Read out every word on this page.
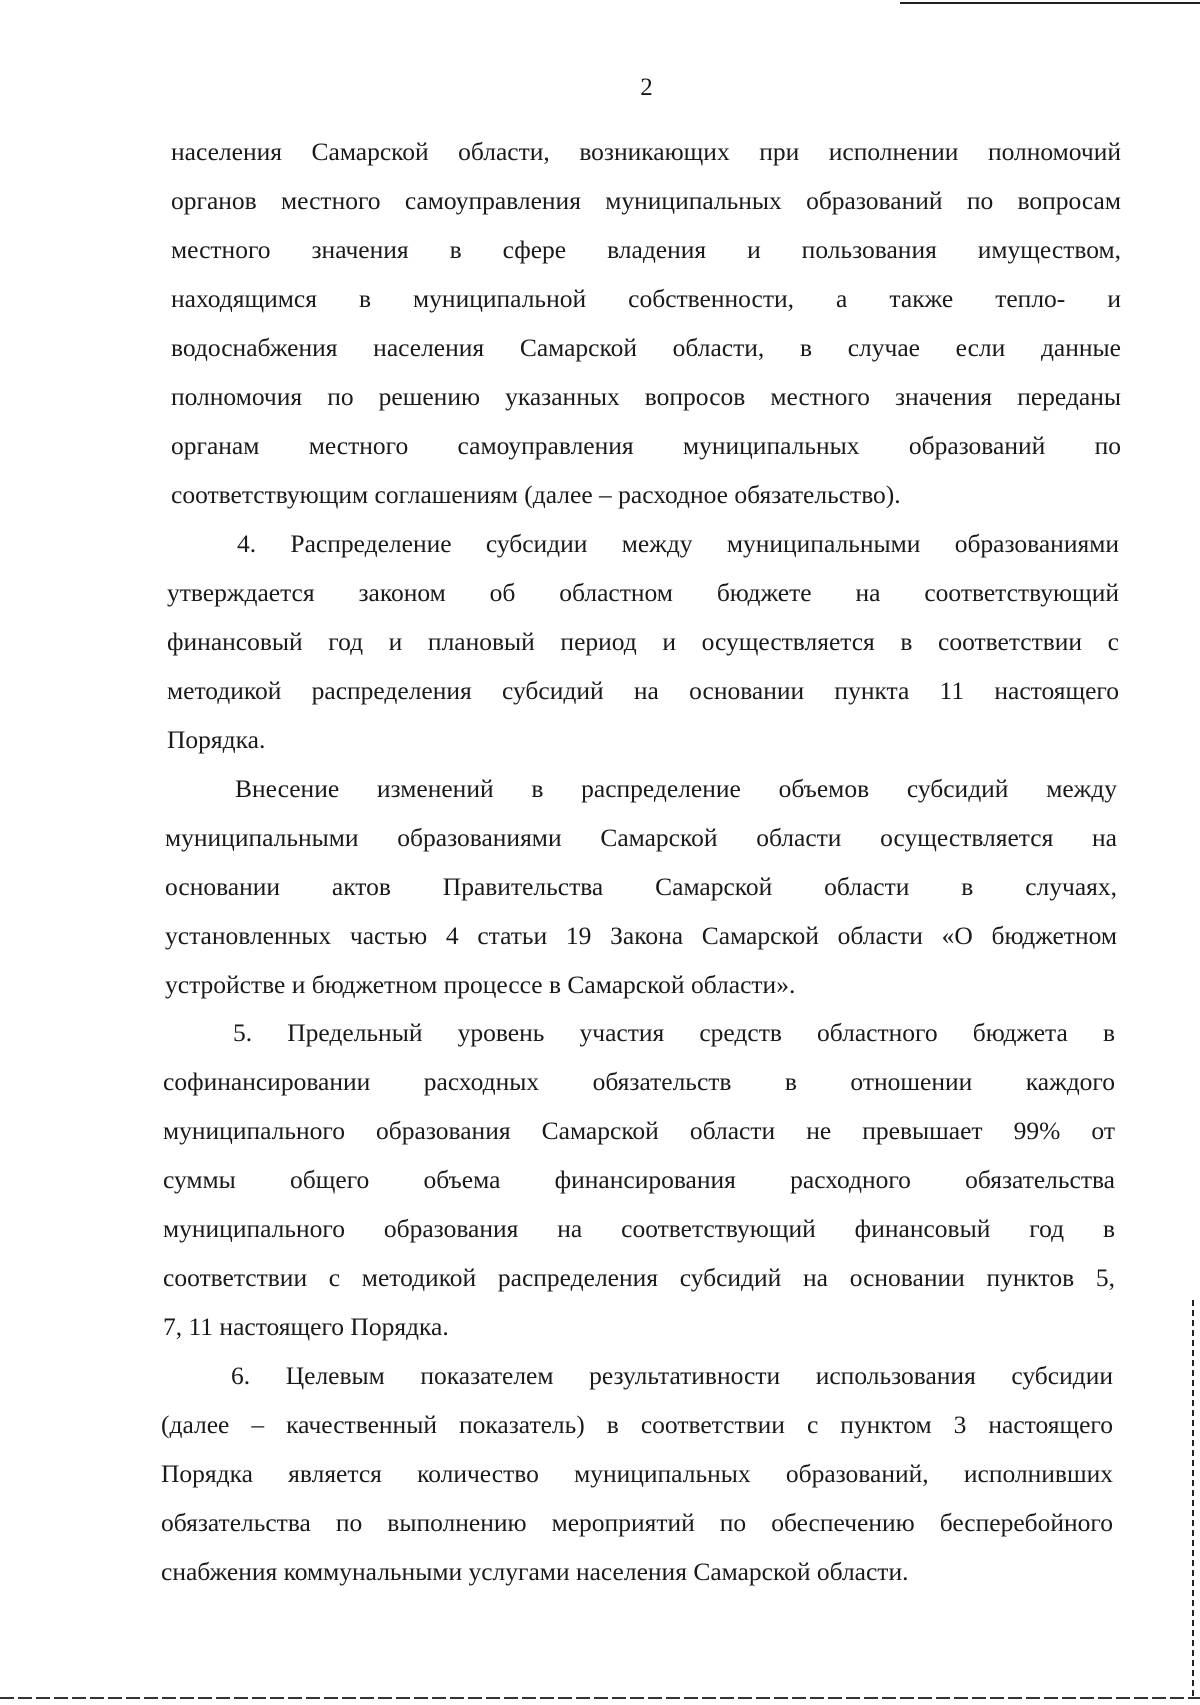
2
населения Самарской области, возникающих при исполнении полномочий
органов местного самоуправления муниципальных образований по вопросам
местного значения в сфере владения и пользования имуществом,
находящимся в муниципальной собственности, а также тепло- и
водоснабжения населения Самарской области, в случае если данные
полномочия по решению указанных вопросов местного значения переданы
органам местного самоуправления муниципальных образований по
соответствующим соглашениям (далее – расходное обязательство).
4. Распределение субсидии между муниципальными образованиями
утверждается законом об областном бюджете на соответствующий
финансовый год и плановый период и осуществляется в соответствии с
методикой распределения субсидий на основании пункта 11 настоящего
Порядка.
Внесение изменений в распределение объемов субсидий между
муниципальными образованиями Самарской области осуществляется на
основании актов Правительства Самарской области в случаях,
установленных частью 4 статьи 19 Закона Самарской области «О бюджетном
устройстве и бюджетном процессе в Самарской области».
5. Предельный уровень участия средств областного бюджета в
софинансировании расходных обязательств в отношении каждого
муниципального образования Самарской области не превышает 99% от
суммы общего объема финансирования расходного обязательства
муниципального образования на соответствующий финансовый год в
соответствии с методикой распределения субсидий на основании пунктов 5,
7, 11 настоящего Порядка.
6. Целевым показателем результативности использования субсидии
(далее – качественный показатель) в соответствии с пунктом 3 настоящего
Порядка является количество муниципальных образований, исполнивших
обязательства по выполнению мероприятий по обеспечению бесперебойного
снабжения коммунальными услугами населения Самарской области.
